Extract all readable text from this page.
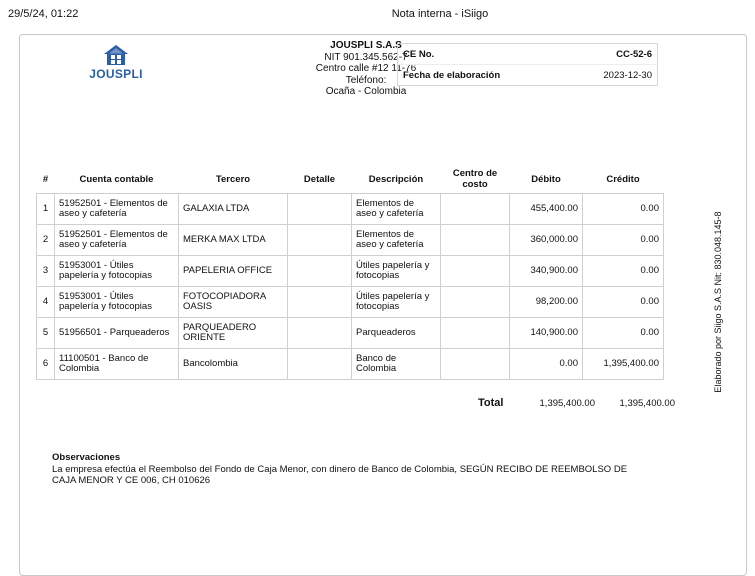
29/5/24, 01:22	Nota interna - iSiigo
JOUSPLI
JOUSPLI S.A.S
NIT 901.345.562-7
Centro calle #12 11-76
Teléfono:
Ocaña - Colombia
CE No.	CC-52-6
Fecha de elaboración	2023-12-30
#	Cuenta contable	Tercero	Detalle	Descripción	Centro de costo	Débito	Crédito
1	51952501 - Elementos de aseo y cafetería	GALAXIA LTDA		Elementos de aseo y cafetería		455,400.00	0.00
2	51952501 - Elementos de aseo y cafetería	MERKA MAX LTDA		Elementos de aseo y cafetería		360,000.00	0.00
3	51953001 - Útiles papelería y fotocopias	PAPELERIA OFFICE		Útiles papelería y fotocopias		340,900.00	0.00
4	51953001 - Útiles papelería y fotocopias	FOTOCOPIADORA OASIS		Útiles papelería y fotocopias		98,200.00	0.00
5	51956501 - Parqueaderos	PARQUEADERO ORIENTE		Parqueaderos		140,900.00	0.00
6	11100501 - Banco de Colombia	Bancolombia		Banco de Colombia		0.00	1,395,400.00
Total	1,395,400.00	1,395,400.00
Observaciones
La empresa efectúa el Reembolso del Fondo de Caja Menor, con dinero de Banco de Colombia, SEGÚN RECIBO DE REEMBOLSO DE CAJA MENOR Y CE 006, CH 010626
Elaborado por Siigo S.A.S Nit: 830.048.145-8
